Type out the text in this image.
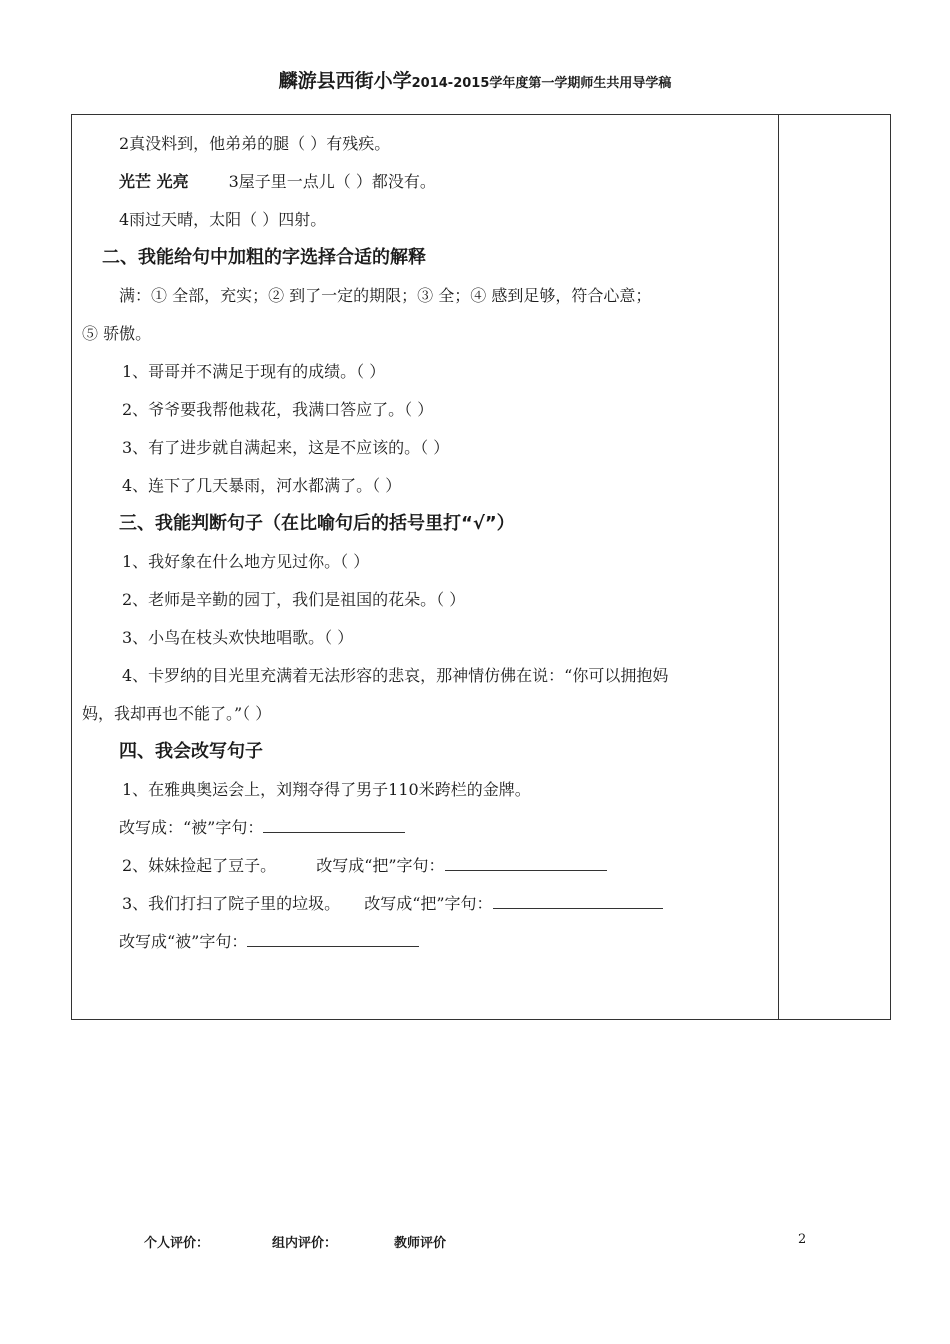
麟游县西街小学2014-2015学年度第一学期师生共用导学稿
2真没料到，他弟弟的腿（ ）有残疾。
光芒 光亮	3屋子里一点儿（ ）都没有。
4雨过天晴，太阳（ ）四射。
二、我能给句中加粗的字选择合适的解释
满：① 全部，充实；② 到了一定的期限；③ 全；④ 感到足够，符合心意；
⑤ 骄傲。
1、哥哥并不满足于现有的成绩。（ ）
2、爷爷要我帮他栽花，我满口答应了。（ ）
3、有了进步就自满起来，这是不应该的。（ ）
4、连下了几天暴雨，河水都满了。（ ）
三、我能判断句子（在比喻句后的括号里打“√”）
1、我好象在什么地方见过你。（ ）
2、老师是辛勤的园丁，我们是祖国的花朵。（ ）
3、小鸟在枝头欢快地唱歌。（ ）
4、卡罗纳的目光里充满着无法形容的悲哀，那神情仿佛在说：“你可以拥抱妈
妈，我却再也不能了。”（ ）
四、我会改写句子
1、在雅典奥运会上，刘翔夺得了男子110米跨栏的金牌。
改写成：“被”字句：
2、妹妹捡起了豆子。	改写成“把”字句：
3、我们打扫了院子里的垃圾。 改写成“把”字句：
改写成“被”字句：
个人评价：	组内评价：	教师评价	2
